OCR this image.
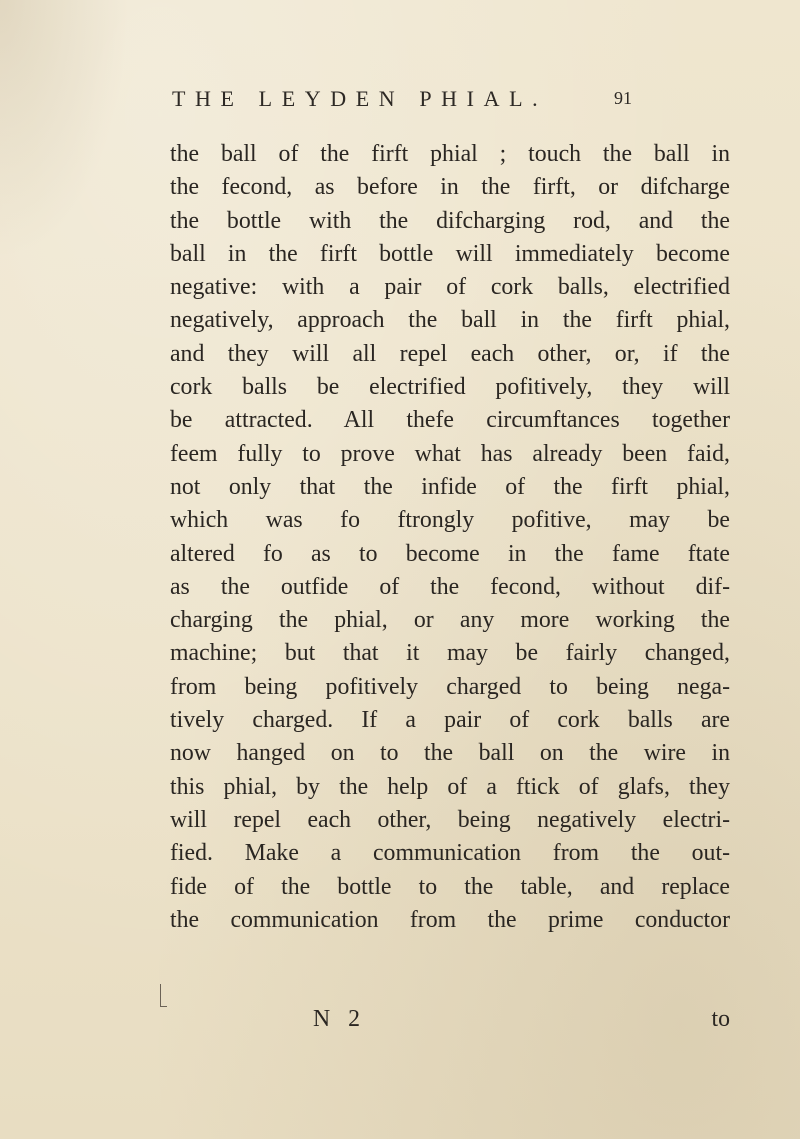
THE LEYDEN PHIAL.	91
the ball of the firft phial ; touch the ball in
the fecond, as before in the firft, or difcharge
the bottle with the difcharging rod, and the
ball in the firft bottle will immediately become
negative: with a pair of cork balls, electrified
negatively, approach the ball in the firft phial,
and they will all repel each other, or, if the
cork balls be electrified pofitively, they will
be attracted. All thefe circumftances together
feem fully to prove what has already been faid,
not only that the infide of the firft phial,
which was fo ftrongly pofitive, may be
altered fo as to become in the fame ftate
as the outfide of the fecond, without dif-
charging the phial, or any more working the
machine; but that it may be fairly changed,
from being pofitively charged to being nega-
tively charged. If a pair of cork balls are
now hanged on to the ball on the wire in
this phial, by the help of a ftick of glafs, they
will repel each other, being negatively electri-
fied. Make a communication from the out-
fide of the bottle to the table, and replace
the communication from the prime conductor
N 2	to
